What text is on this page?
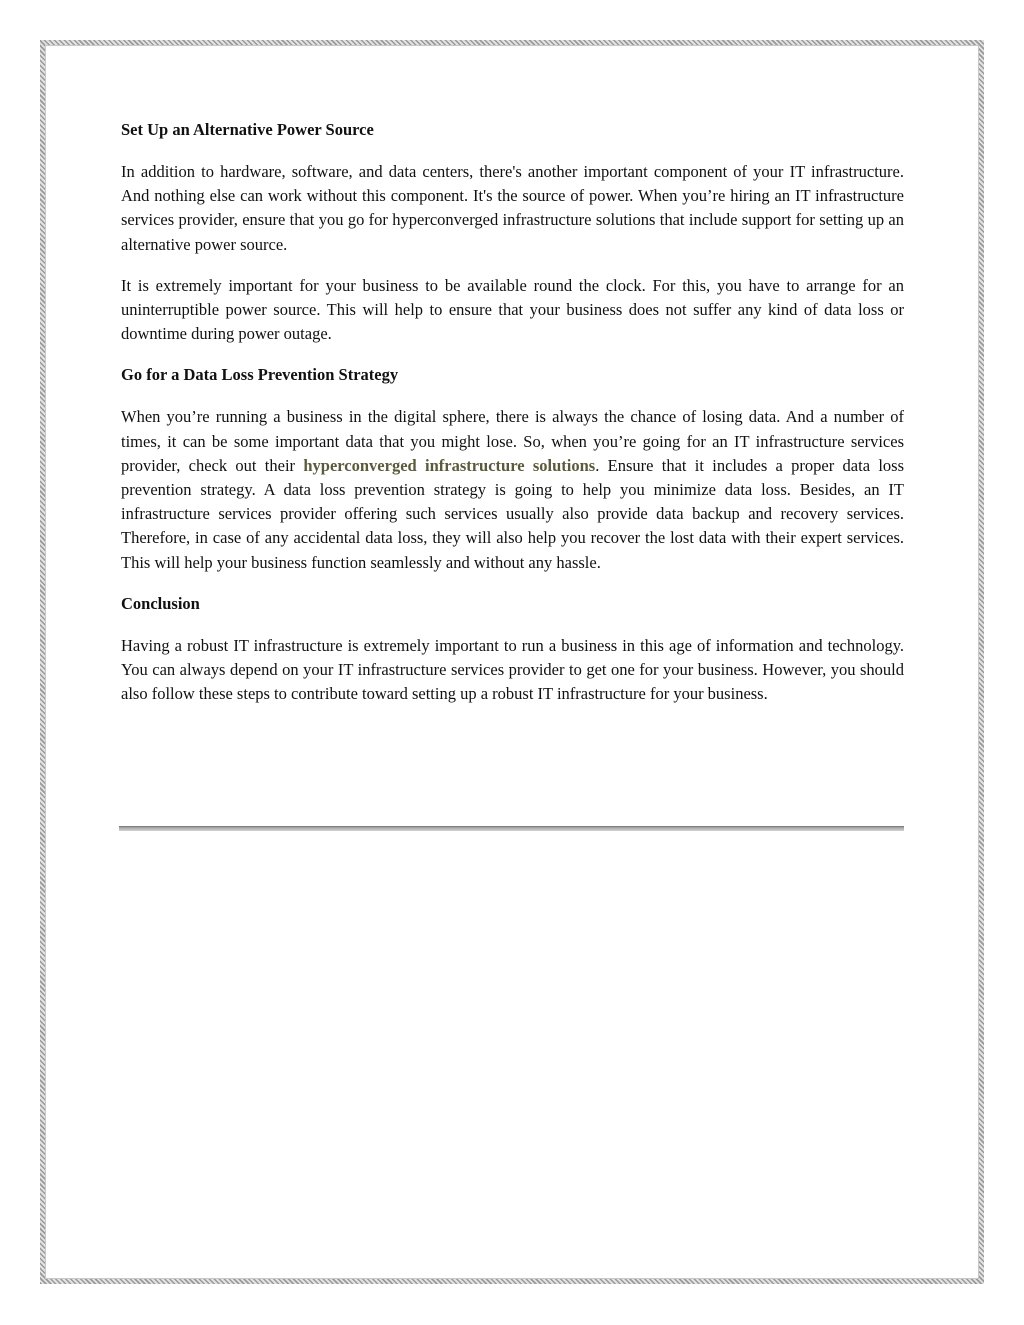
Set Up an Alternative Power Source

In addition to hardware, software, and data centers, there's another important component of your IT infrastructure. And nothing else can work without this component. It's the source of power. When you’re hiring an IT infrastructure services provider, ensure that you go for hyperconverged infrastructure solutions that include support for setting up an alternative power source.

It is extremely important for your business to be available round the clock. For this, you have to arrange for an uninterruptible power source. This will help to ensure that your business does not suffer any kind of data loss or downtime during power outage.

Go for a Data Loss Prevention Strategy

When you’re running a business in the digital sphere, there is always the chance of losing data. And a number of times, it can be some important data that you might lose. So, when you’re going for an IT infrastructure services provider, check out their hyperconverged infrastructure solutions. Ensure that it includes a proper data loss prevention strategy. A data loss prevention strategy is going to help you minimize data loss. Besides, an IT infrastructure services provider offering such services usually also provide data backup and recovery services. Therefore, in case of any accidental data loss, they will also help you recover the lost data with their expert services. This will help your business function seamlessly and without any hassle.

Conclusion

Having a robust IT infrastructure is extremely important to run a business in this age of information and technology. You can always depend on your IT infrastructure services provider to get one for your business. However, you should also follow these steps to contribute toward setting up a robust IT infrastructure for your business.
